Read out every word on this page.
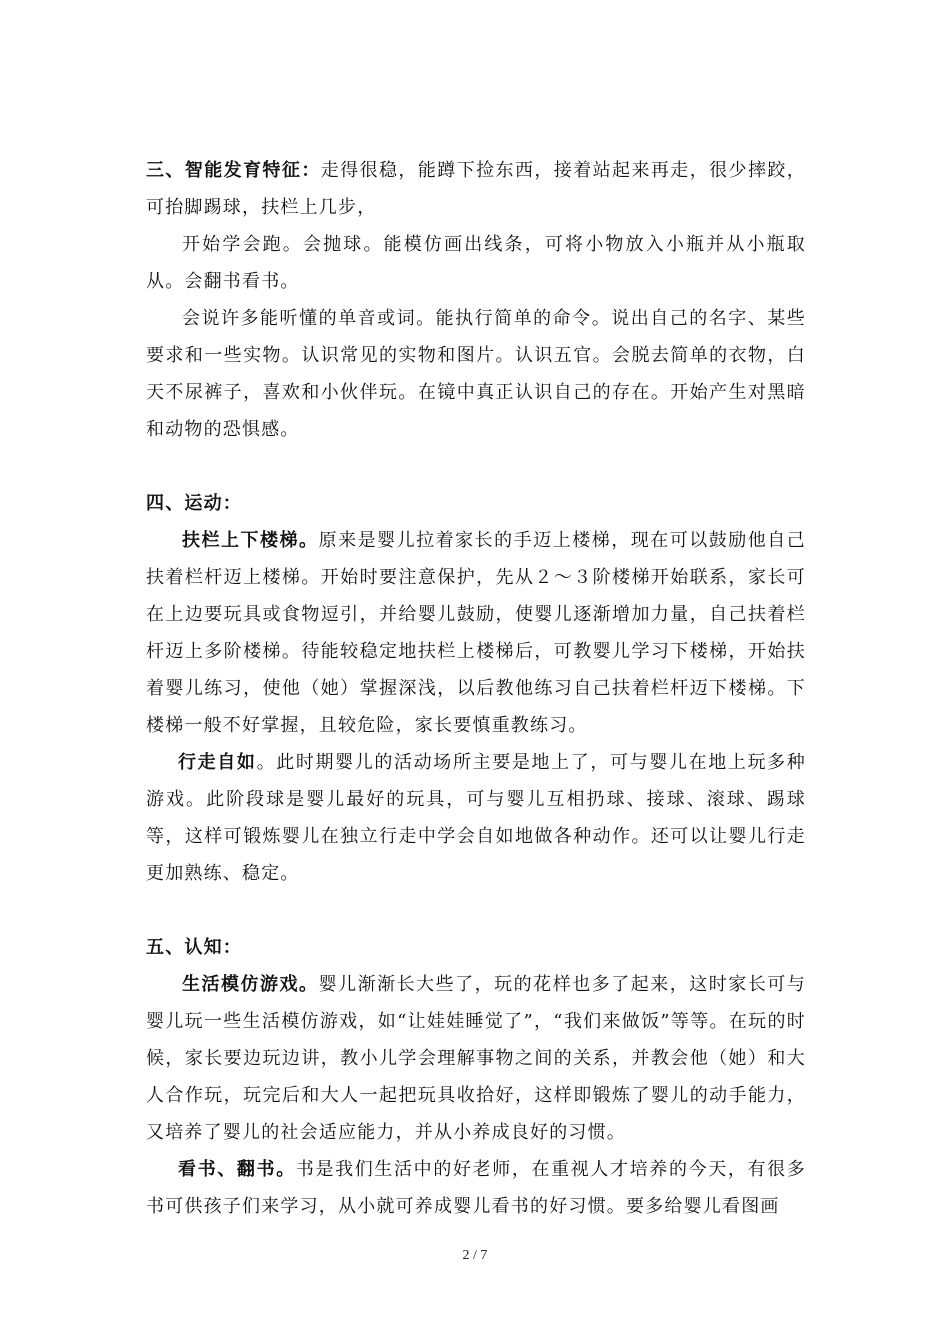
三、智能发育特征：走得很稳，能蹲下捡东西，接着站起来再走，很少摔跤，可抬脚踢球，扶栏上几步，

开始学会跑。会抛球。能模仿画出线条，可将小物放入小瓶并从小瓶取从。会翻书看书。

会说许多能听懂的单音或词。能执行简单的命令。说出自己的名字、某些要求和一些实物。认识常见的实物和图片。认识五官。会脱去简单的衣物，白天不尿裤子，喜欢和小伙伴玩。在镜中真正认识自己的存在。开始产生对黑暗和动物的恐惧感。

四、运动：

扶栏上下楼梯。原来是婴儿拉着家长的手迈上楼梯，现在可以鼓励他自己扶着栏杆迈上楼梯。开始时要注意保护，先从２～３阶楼梯开始联系，家长可在上边要玩具或食物逗引，并给婴儿鼓励，使婴儿逐渐增加力量，自己扶着栏杆迈上多阶楼梯。待能较稳定地扶栏上楼梯后，可教婴儿学习下楼梯，开始扶着婴儿练习，使他（她）掌握深浅，以后教他练习自己扶着栏杆迈下楼梯。下楼梯一般不好掌握，且较危险，家长要慎重教练习。

行走自如。此时期婴儿的活动场所主要是地上了，可与婴儿在地上玩多种游戏。此阶段球是婴儿最好的玩具，可与婴儿互相扔球、接球、滚球、踢球等，这样可锻炼婴儿在独立行走中学会自如地做各种动作。还可以让婴儿行走更加熟练、稳定。

五、认知：

生活模仿游戏。婴儿渐渐长大些了，玩的花样也多了起来，这时家长可与婴儿玩一些生活模仿游戏，如“让娃娃睡觉了”，“我们来做饭”等等。在玩的时候，家长要边玩边讲，教小儿学会理解事物之间的关系，并教会他（她）和大人合作玩，玩完后和大人一起把玩具收拾好，这样即锻炼了婴儿的动手能力，又培养了婴儿的社会适应能力，并从小养成良好的习惯。

看书、翻书。书是我们生活中的好老师，在重视人才培养的今天，有很多书可供孩子们来学习，从小就可养成婴儿看书的好习惯。要多给婴儿看图画

2 / 7
